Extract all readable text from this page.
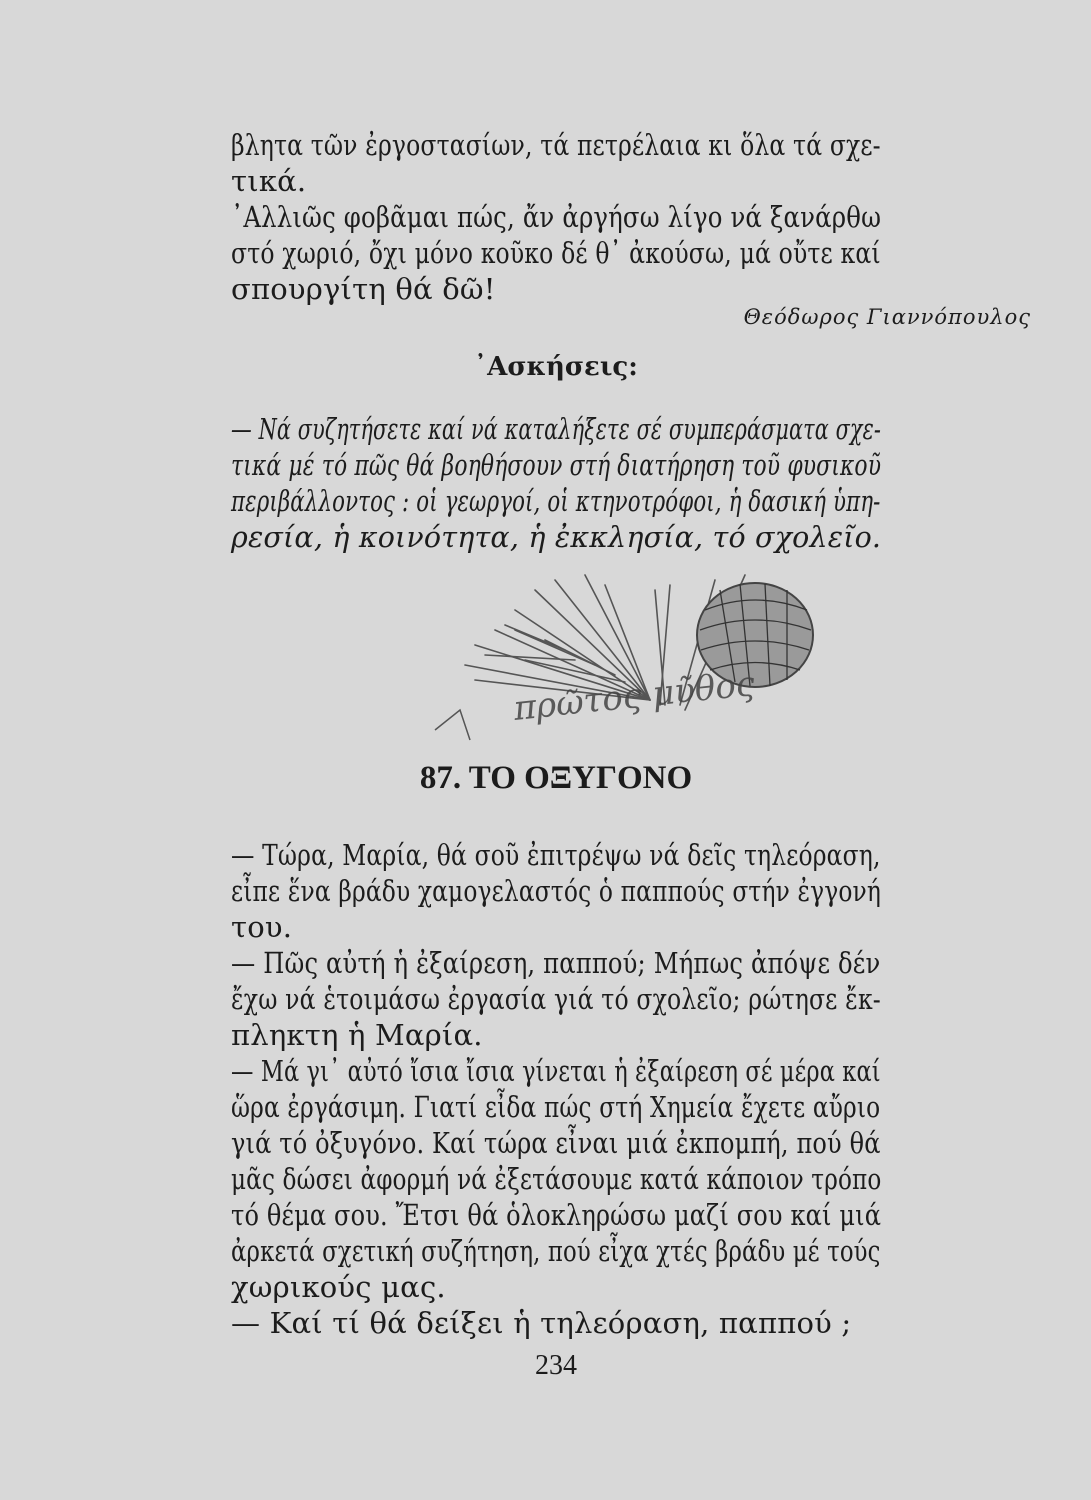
βλητα τῶν ἐργοστασίων, τά πετρέλαια κι ὅλα τά σχε-
τικά.
᾿Αλλιῶς φοβᾶμαι πώς, ἄν ἀργήσω λίγο νά ξανάρθω
στό χωριό, ὄχι μόνο κοῦκο δέ θ᾿ ἀκούσω, μά οὔτε καί
σπουργίτη θά δῶ!
Θεόδωρος Γιαννόπουλος
᾿Ασκήσεις:
— Νά συζητήσετε καί νά καταλήξετε σέ συμπεράσματα σχε-
τικά μέ τό πῶς θά βοηθήσουν στή διατήρηση τοῦ φυσικοῦ
περιβάλλοντος : οἱ γεωργοί, οἱ κτηνοτρόφοι, ἡ δασική ὑπη-
ρεσία, ἡ κοινότητα, ἡ ἐκκλησία, τό σχολεῖο.
πρῶτος μῦθος
87. ΤΟ ΟΞΥΓΟΝΟ
— Τώρα, Μαρία, θά σοῦ ἐπιτρέψω νά δεῖς τηλεόραση,
εἶπε ἕνα βράδυ χαμογελαστός ὁ παππούς στήν ἐγγονή
του.
— Πῶς αὐτή ἡ ἐξαίρεση, παππού; Μήπως ἀπόψε δέν
ἔχω νά ἑτοιμάσω ἐργασία γιά τό σχολεῖο; ρώτησε ἔκ-
πληκτη ἡ Μαρία.
— Μά γι᾿ αὐτό ἴσια ἴσια γίνεται ἡ ἐξαίρεση σέ μέρα καί
ὥρα ἐργάσιμη. Γιατί εἶδα πώς στή Χημεία ἔχετε αὔριο
γιά τό ὀξυγόνο. Καί τώρα εἶναι μιά ἐκπομπή, πού θά
μᾶς δώσει ἀφορμή νά ἐξετάσουμε κατά κάποιον τρόπο
τό θέμα σου. Ἔτσι θά ὁλοκληρώσω μαζί σου καί μιά
ἀρκετά σχετική συζήτηση, πού εἶχα χτές βράδυ μέ τούς
χωρικούς μας.
— Καί τί θά δείξει ἡ τηλεόραση, παππού ;
234
